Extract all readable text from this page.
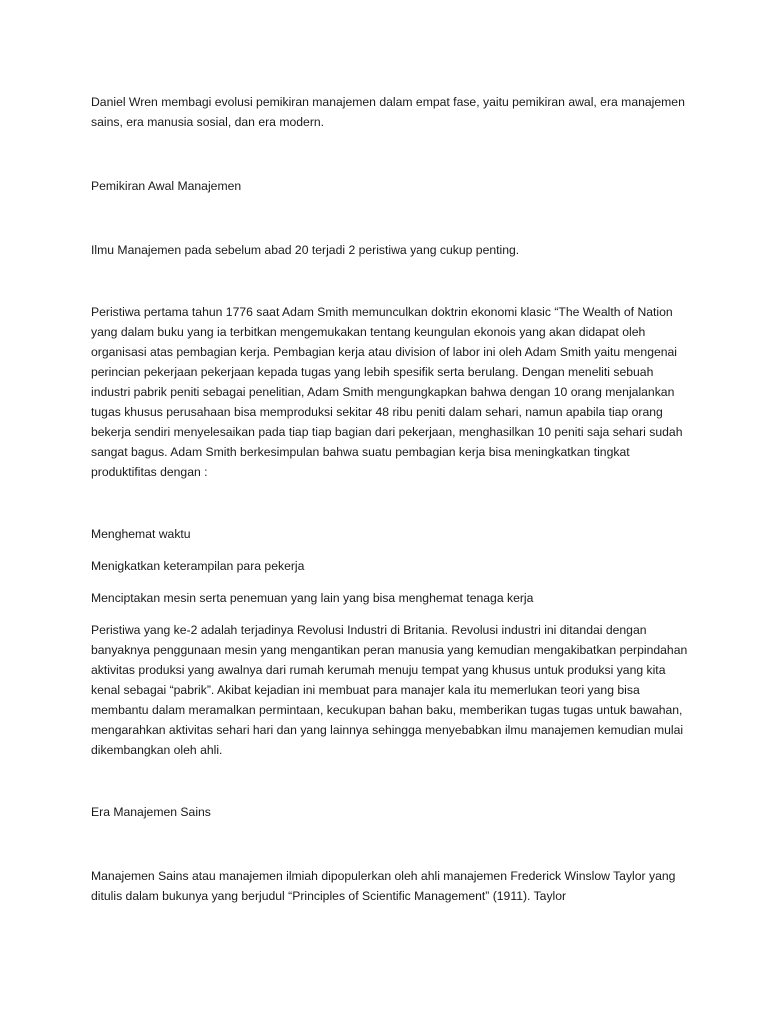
Daniel Wren membagi evolusi pemikiran manajemen dalam empat fase, yaitu pemikiran awal, era manajemen sains, era manusia sosial, dan era modern.

Pemikiran Awal Manajemen

Ilmu Manajemen pada sebelum abad 20 terjadi 2 peristiwa yang cukup penting.

Peristiwa pertama tahun 1776 saat Adam Smith memunculkan doktrin ekonomi klasic “The Wealth of Nation yang dalam buku yang ia terbitkan mengemukakan tentang keungulan ekonois yang akan didapat oleh organisasi atas pembagian kerja. Pembagian kerja atau division of labor ini oleh Adam Smith yaitu mengenai perincian pekerjaan pekerjaan kepada tugas yang lebih spesifik serta berulang. Dengan meneliti sebuah industri pabrik peniti sebagai penelitian, Adam Smith mengungkapkan bahwa dengan 10 orang menjalankan tugas khusus perusahaan bisa memproduksi sekitar 48 ribu peniti dalam sehari, namun apabila tiap orang bekerja sendiri menyelesaikan pada tiap tiap bagian dari pekerjaan, menghasilkan 10 peniti saja sehari sudah sangat bagus. Adam Smith berkesimpulan bahwa suatu pembagian kerja bisa meningkatkan tingkat produktifitas dengan :

Menghemat waktu

Menigkatkan keterampilan para pekerja

Menciptakan mesin serta penemuan yang lain yang bisa menghemat tenaga kerja

Peristiwa yang ke-2 adalah terjadinya Revolusi Industri di Britania. Revolusi industri ini ditandai dengan banyaknya penggunaan mesin yang mengantikan peran manusia yang kemudian mengakibatkan perpindahan aktivitas produksi yang awalnya dari rumah kerumah menuju tempat yang khusus untuk produksi yang kita kenal sebagai “pabrik”. Akibat kejadian ini membuat para manajer kala itu memerlukan teori yang bisa membantu dalam meramalkan permintaan, kecukupan bahan baku, memberikan tugas tugas untuk bawahan, mengarahkan aktivitas sehari hari dan yang lainnya sehingga menyebabkan ilmu manajemen kemudian mulai dikembangkan oleh ahli.

Era Manajemen Sains

Manajemen Sains atau manajemen ilmiah dipopulerkan oleh ahli manajemen Frederick Winslow Taylor yang ditulis dalam bukunya yang berjudul “Principles of Scientific Management” (1911). Taylor
